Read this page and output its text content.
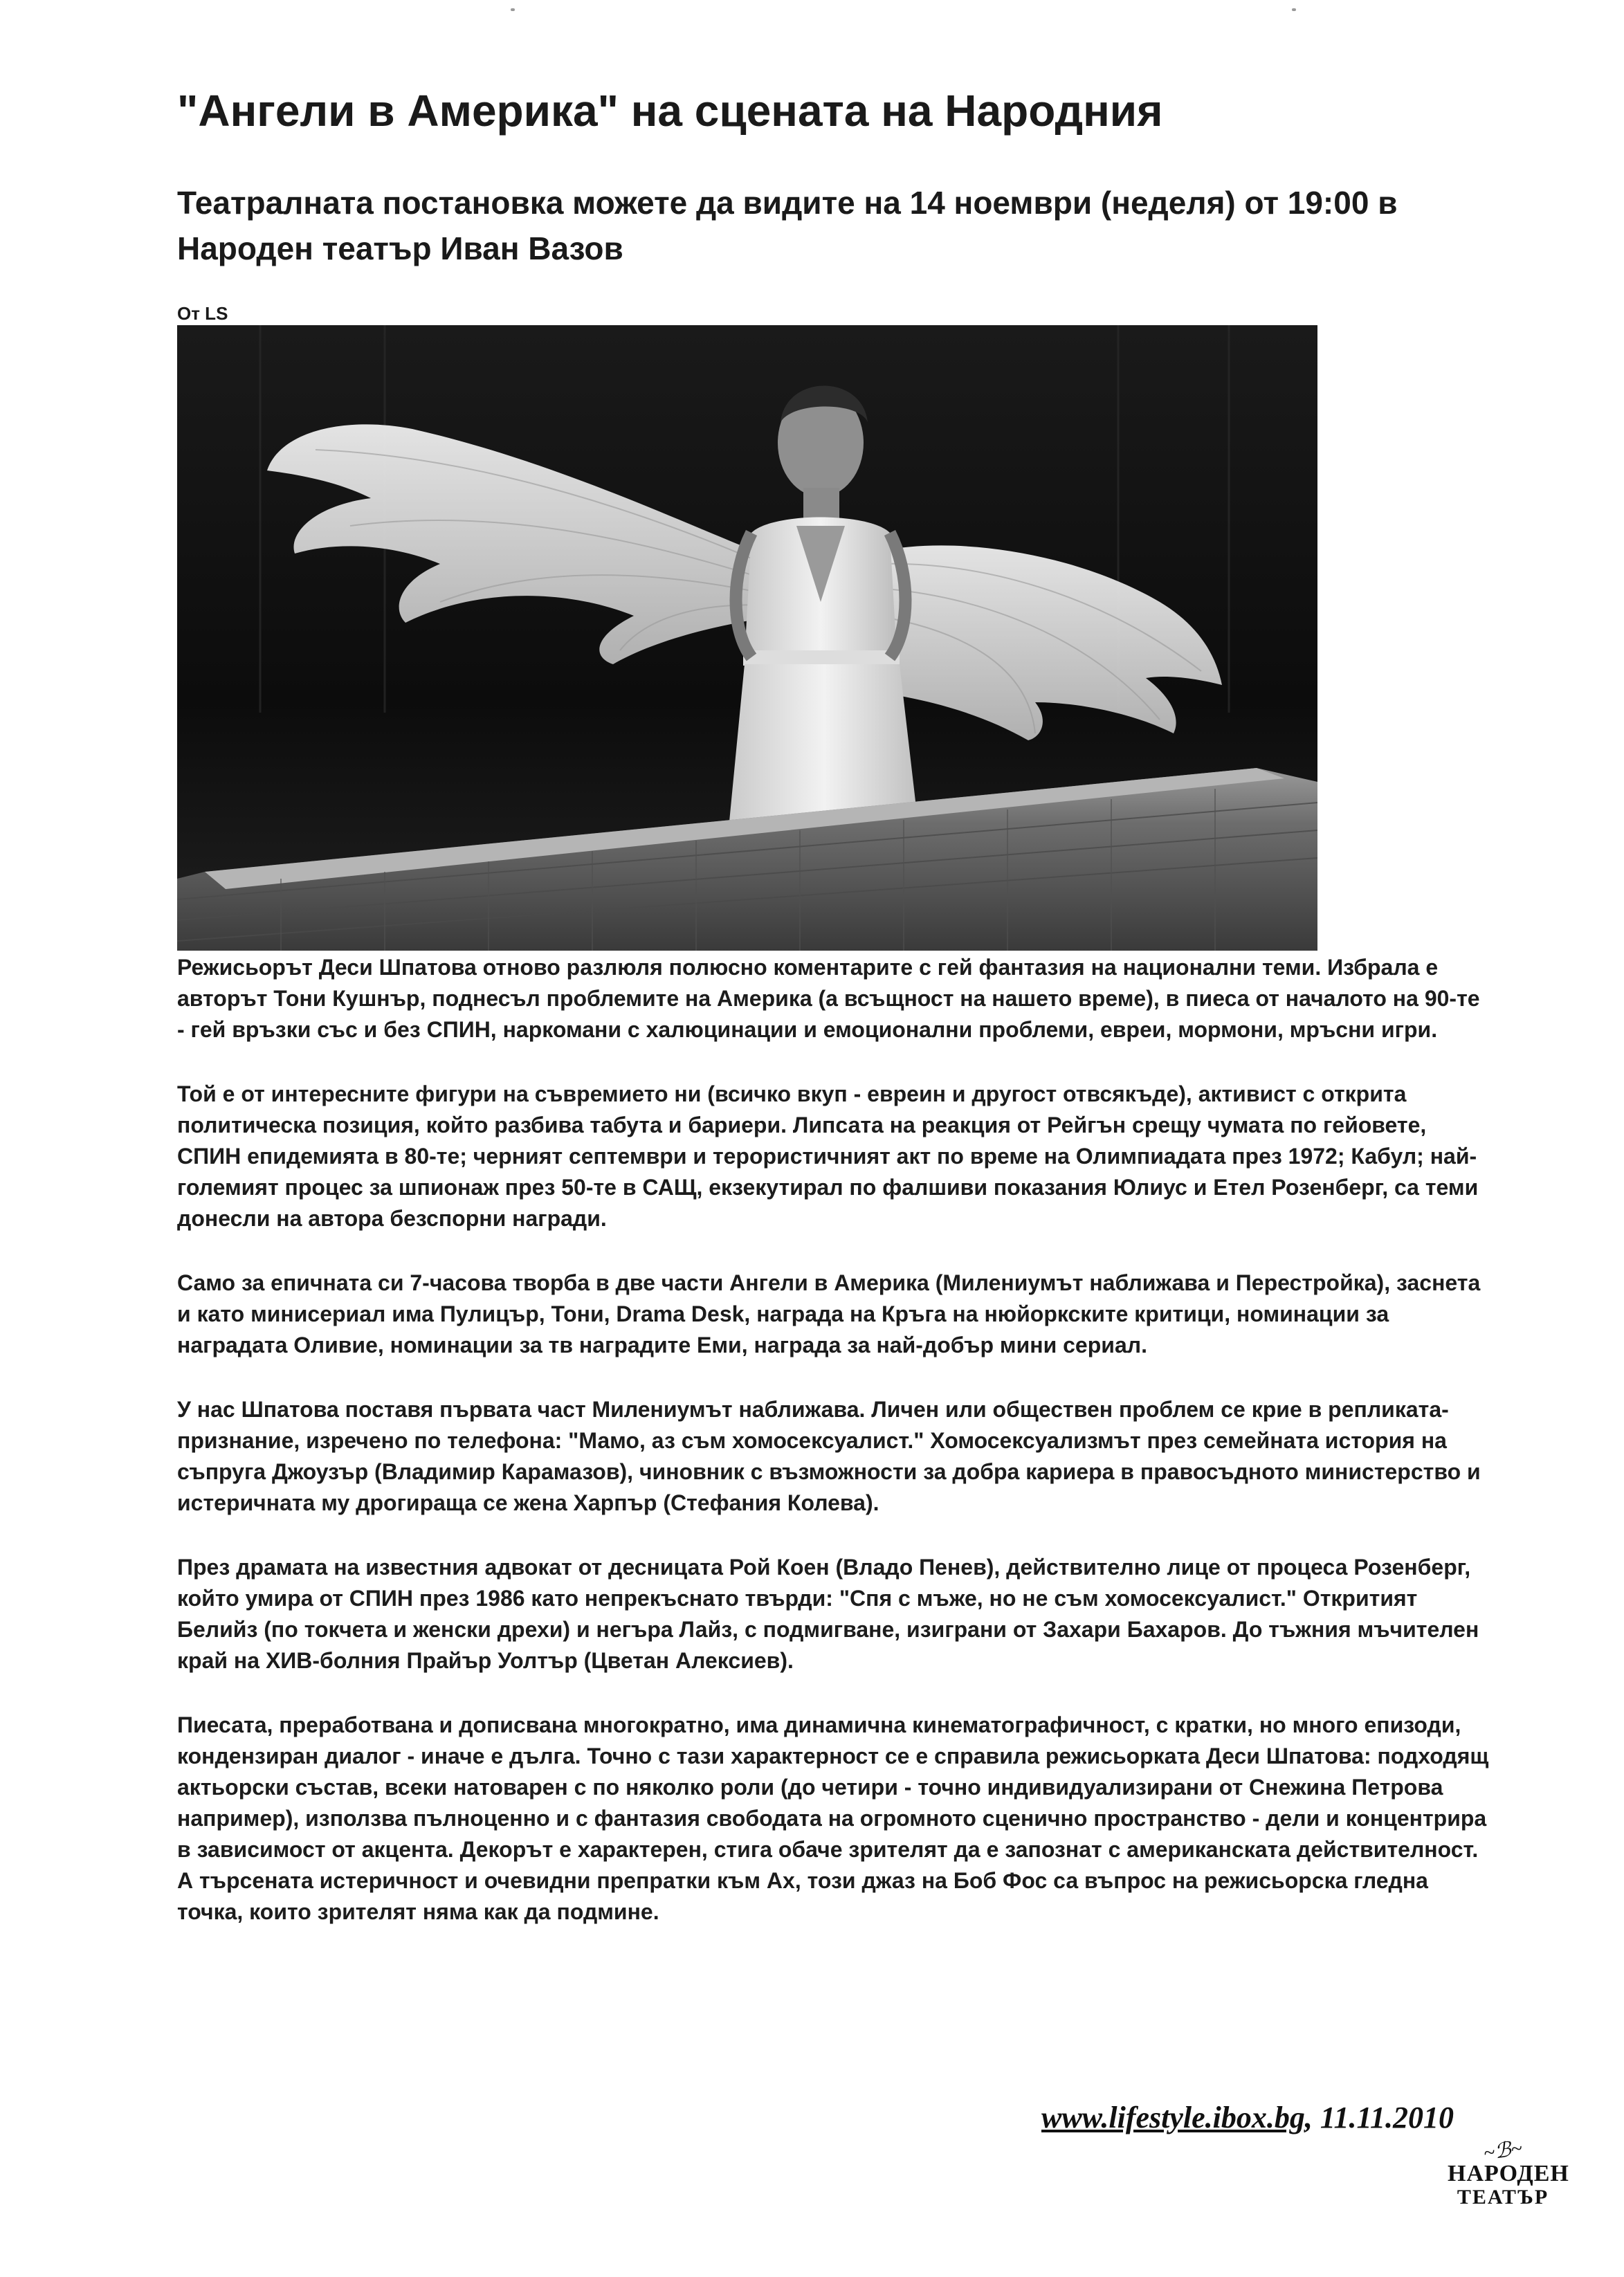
"Ангели в Америка" на сцената на Народния
Театралната постановка можете да видите на 14 ноември (неделя) от 19:00 в Народен театър Иван Вазов
От LS

Режисьорът Деси Шпатова отново разлюля полюсно коментарите с гей фантазия на национални теми. Избрала е авторът Тони Кушнър, поднесъл проблемите на Америка (а всъщност на нашето време), в пиеса от началото на 90-те - гей връзки със и без СПИН, наркомани с халюцинации и емоционални проблеми, евреи, мормони, мръсни игри.

Той е от интересните фигури на съвремието ни (всичко вкуп - евреин и другост отвсякъде), активист с открита политическа позиция, който разбива табута и бариери. Липсата на реакция от Рейгън срещу чумата по гейовете, СПИН епидемията в 80-те; черният септември и терористичният акт по време на Олимпиадата през 1972; Кабул; най-големият процес за шпионаж през 50-те в САЩ, екзекутирал по фалшиви показания Юлиус и Етел Розенберг, са теми донесли на автора безспорни награди.

Само за епичната си 7-часова творба в две части Ангели в Америка (Милениумът наближава и Перестройка), заснета и като минисериал има Пулицър, Тони, Drama Desk, награда на Кръга на нюйоркските критици, номинации за наградата Оливие, номинации за тв наградите Еми, награда за най-добър мини сериал.

У нас Шпатова поставя първата част Милениумът наближава. Личен или обществен проблем се крие в репликата-признание, изречено по телефона: "Мамо, аз съм хомосексуалист." Хомосексуализмът през семейната история на съпруга Джоузър (Владимир Карамазов), чиновник с възможности за добра кариера в правосъдното министерство и истеричната му дрогираща се жена Харпър (Стефания Колева).

През драмата на известния адвокат от десницата Рой Коен (Владо Пенев), действително лице от процеса Розенберг, който умира от СПИН през 1986 като непрекъснато твърди: "Спя с мъже, но не съм хомосексуалист." Откритият Белийз (по токчета и женски дрехи) и негъра Лайз, с подмигване, изиграни от Захари Бахаров. До тъжния мъчителен край на ХИВ-болния Прайър Уолтър (Цветан Алексиев).

Пиесата, преработвана и дописвана многократно, има динамична кинематографичност, с кратки, но много епизоди, кондензиран диалог - иначе е дълга. Точно с тази характерност се е справила режисьорката Деси Шпатова: подходящ актьорски състав, всеки натоварен с по няколко роли (до четири - точно индивидуализирани от Снежина Петрова например), използва пълноценно и с фантазия свободата на огромното сценично пространство - дели и концентрира в зависимост от акцента. Декорът е характерен, стига обаче зрителят да е запознат с американската действителност. А търсената истеричност и очевидни препратки към Ах, този джаз на Боб Фос са въпрос на режисьорска гледна точка, които зрителят няма как да подмине.

www.lifestyle.ibox.bg, 11.11.2010
~ℬ~
НАРОДЕН
ТЕАТЪР
